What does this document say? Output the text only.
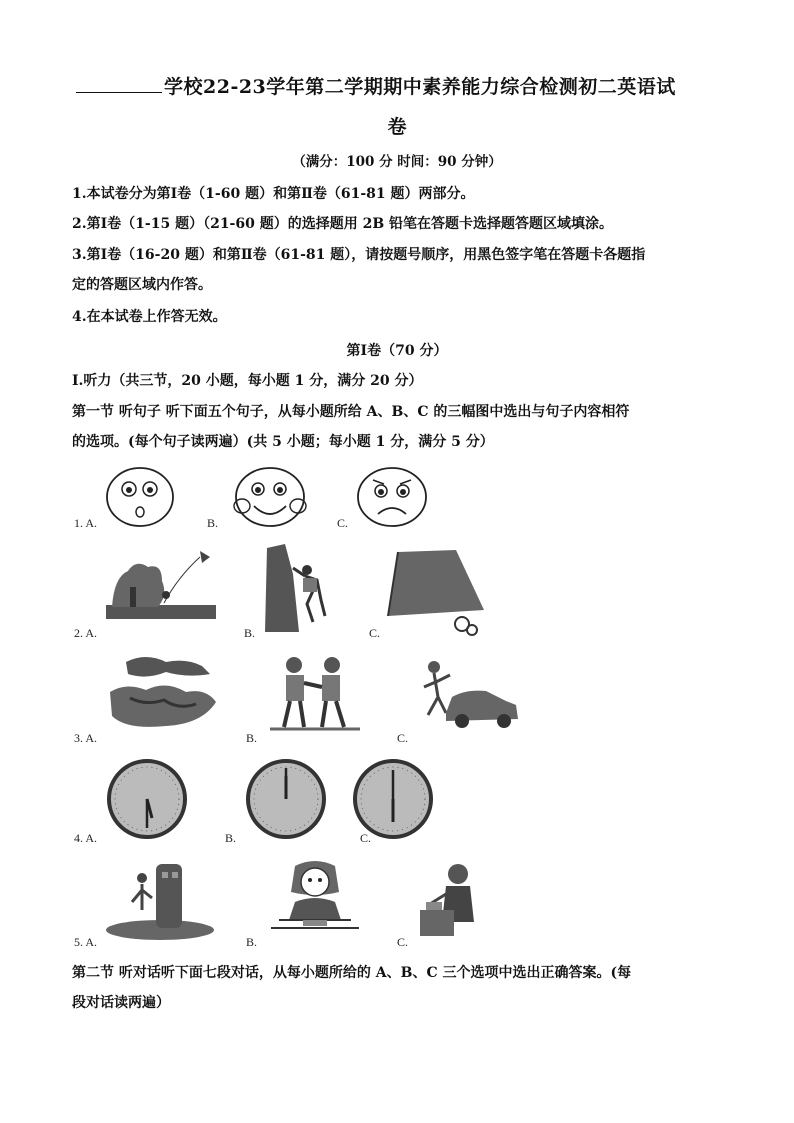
学校22-23学年第二学期期中素养能力综合检测初二英语试
卷
（满分：100 分 时间：90 分钟）
1.本试卷分为第Ⅰ卷（1-60 题）和第Ⅱ卷（61-81 题）两部分。
2.第Ⅰ卷（1-15 题）（21-60 题）的选择题用 2B 铅笔在答题卡选择题答题区域填涂。
3.第Ⅰ卷（16-20 题）和第Ⅱ卷（61-81 题），请按题号顺序，用黑色签字笔在答题卡各题指
定的答题区域内作答。
4.在本试卷上作答无效。
第Ⅰ卷（70 分）
Ⅰ.听力（共三节，20 小题，每小题 1 分，满分 20 分）
第一节 听句子 听下面五个句子，从每小题所给 A、B、C 的三幅图中选出与句子内容相符
的选项。(每个句子读两遍）(共 5 小题；每小题 1 分，满分 5 分）
1. A.	B.	C.
2. A.	B.	C.
3. A.	B.	C.
4. A.	B.	C.
5. A.	B.	C.
第二节 听对话听下面七段对话，从每小题所给的 A、B、C 三个选项中选出正确答案。(每
段对话读两遍）
